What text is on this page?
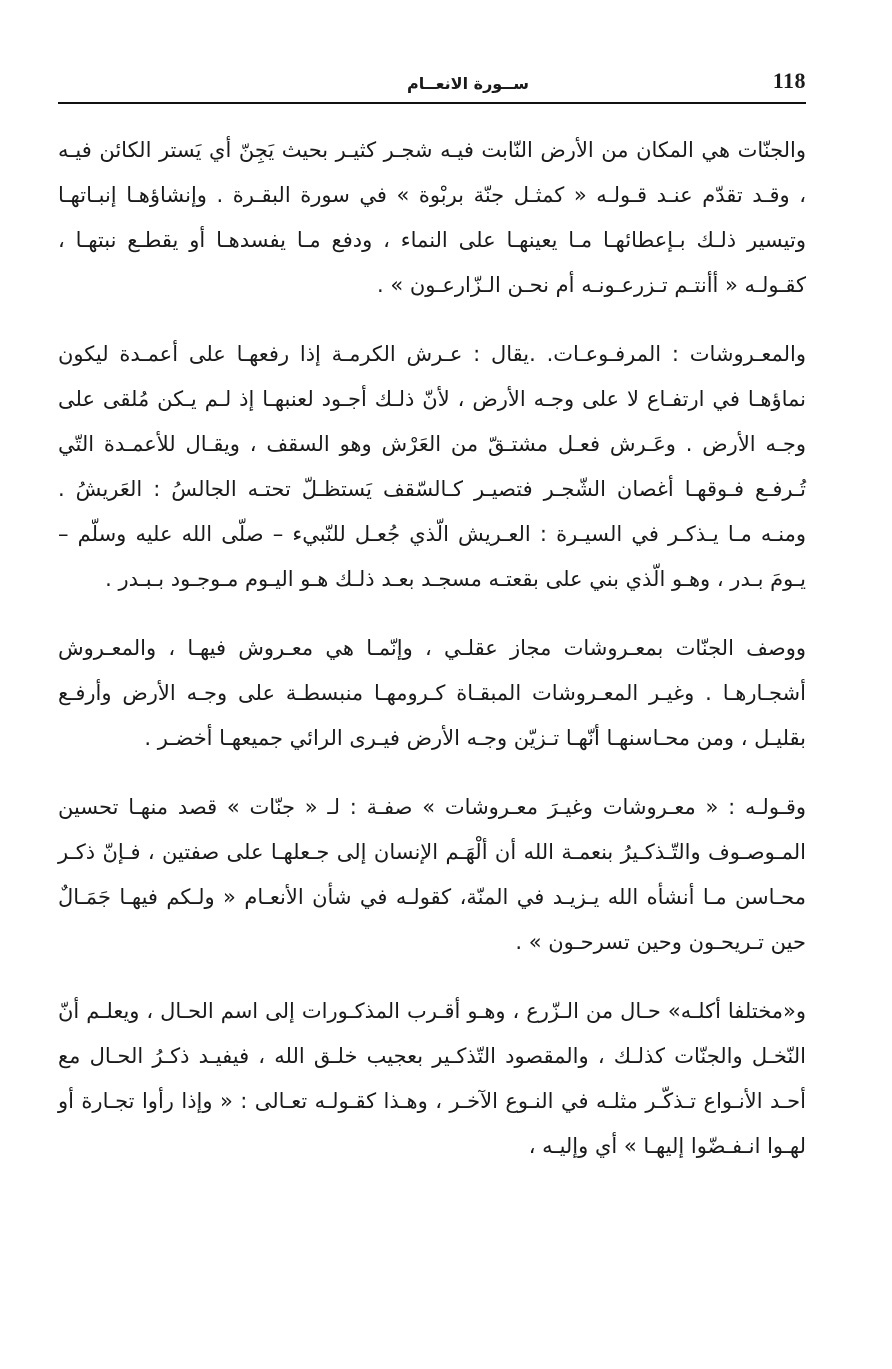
118
ســورة الانعــام

والجنّات هي المكان من الأرض النّابت فيـه شجـر كثيـر بحيث يَجِنّ أي يَستر الكائن فيـه ، وقـد تقدّم عنـد قـولـه « كمثـل جنّة بربْوة » في سورة البقـرة . وإنشاؤهـا إنبـاتهـا وتيسير ذلـك بـإعطائهـا مـا يعينهـا على النماء ، ودفع مـا يفسدهـا أو يقطـع نبتهـا ، كقـولـه « أأنتـم تـزرعـونـه أم نحـن الـزّارعـون » .

والمعـروشات : المرفـوعـات. .يقال : عـرش الكرمـة إذا رفعهـا على أعمـدة ليكون نماؤهـا في ارتفـاع لا على وجـه الأرض ، لأنّ ذلـك أجـود لعنبهـا إذ لـم يـكن مُلقى على وجـه الأرض . وعَـرش فعـل مشتـقّ من العَرْش وهو السقف ، ويقـال للأعمـدة التّي تُـرفـع فـوقهـا أغصان الشّجـر فتصيـر كـالسّقف يَستظـلّ تحتـه الجالسُ : العَريشُ . ومنـه مـا يـذكـر في السيـرة : العـريش الّذي جُعـل للنّبيء – صلّى الله عليه وسلّم – يـومَ بـدر ، وهـو الّذي بني على بقعتـه مسجـد بعـد ذلـك هـو اليـوم مـوجـود بـبـدر .

ووصف الجنّات بمعـروشات مجاز عقلـي ، وإنّمـا هي معـروش فيهـا ، والمعـروش أشجـارهـا . وغيـر المعـروشات المبقـاة كـرومهـا منبسطـة على وجـه الأرض وأرفـع بقليـل ، ومن محـاسنهـا أنّهـا تـزيّن وجـه الأرض فيـرى الرائي جميعهـا أخضـر .

وقـولـه : « معـروشات وغيـرَ معـروشات » صفـة : لـ « جنّات » قصد منهـا تحسين المـوصـوف والتّـذكـيرُ بنعمـة الله أن ألْهَـم الإنسان إلى جـعلهـا على صفتين ، فـإنّ ذكـر محـاسن مـا أنشأه الله يـزيـد في المنّة، كقولـه في شأن الأنعـام « ولـكم فيهـا جَمَـالٌ حين تـريحـون وحين تسرحـون » .

و«مختلفا أكلـه» حـال من الـزّرع ، وهـو أقـرب المذكـورات إلى اسم الحـال ، ويعلـم أنّ النّخـل والجنّات كذلـك ، والمقصود التّذكـير بعجيب خلـق الله ، فيفيـد ذكـرُ الحـال مع أحـد الأنـواع تـذكّـر مثلـه في النـوع الآخـر ، وهـذا كقـولـه تعـالى : « وإذا رأوا تجـارة أو لهـوا انـفـضّوا إليهـا » أي وإليـه ،
